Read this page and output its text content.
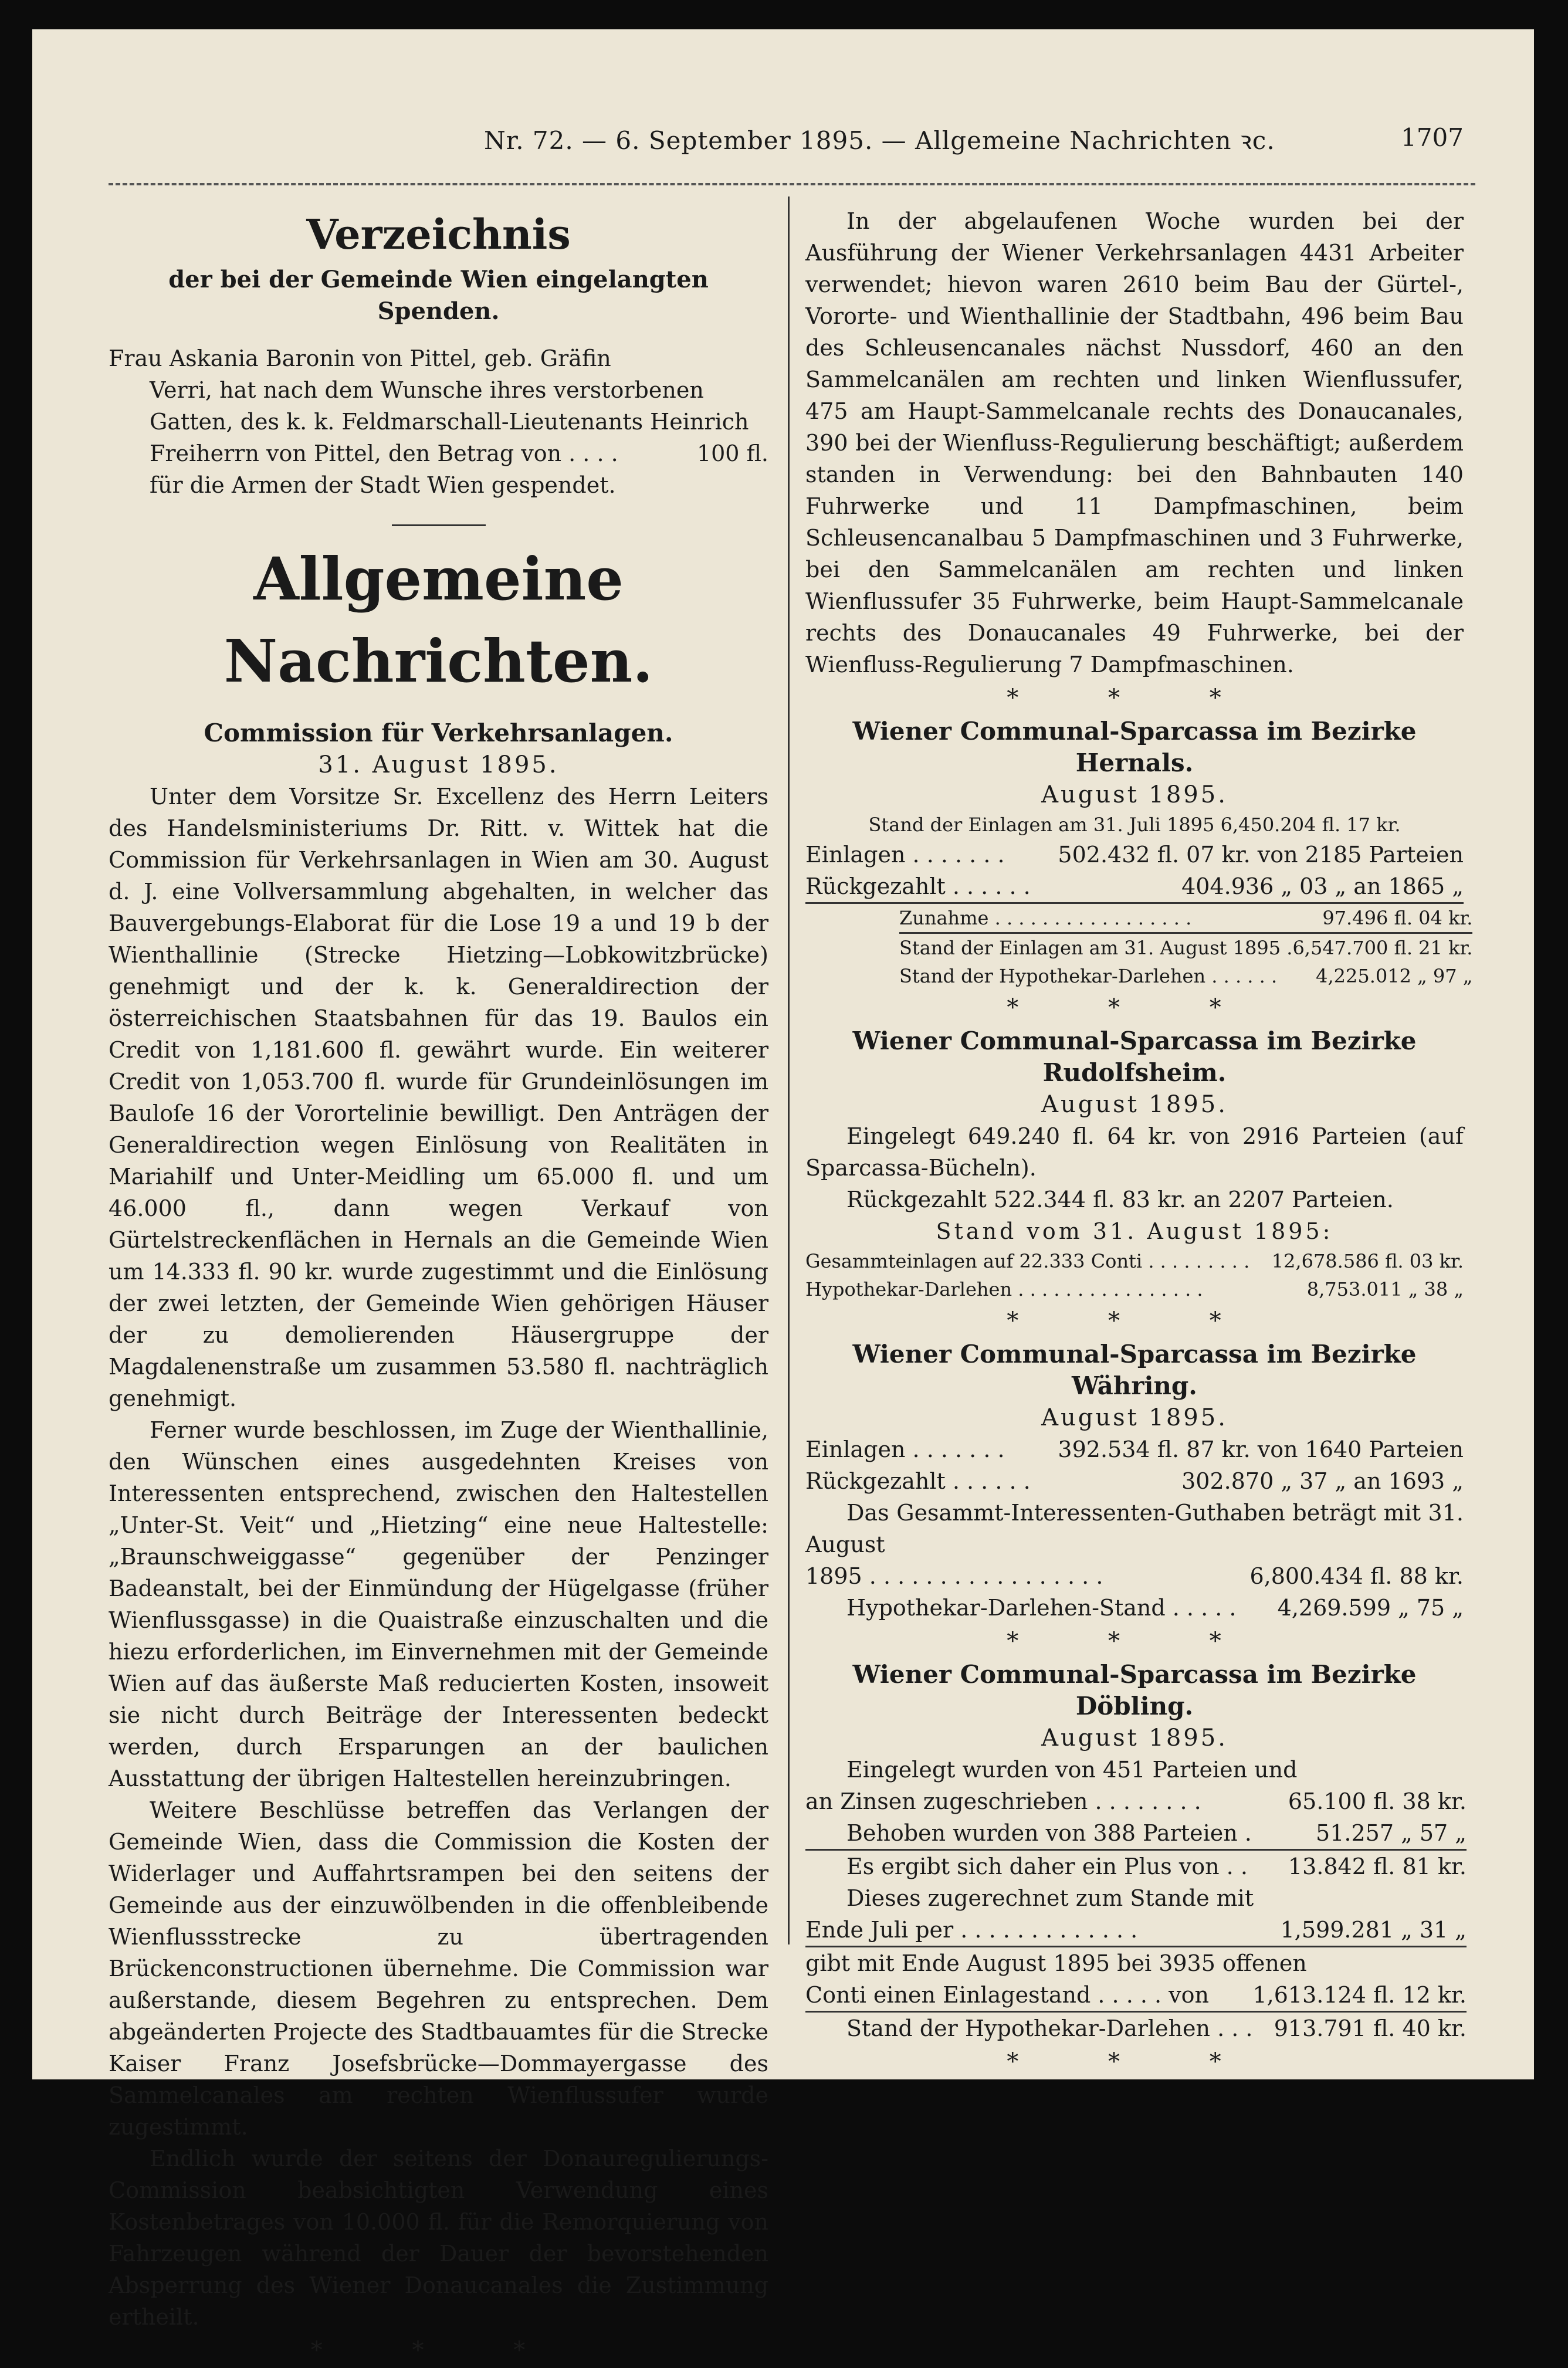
Nr. 72. — 6. September 1895. — Allgemeine Nachrichten ꝛc.	1707
Verzeichnis
der bei der Gemeinde Wien eingelangten Spenden.

Frau Askania Baronin von Pittel, geb. Gräfin

Verri, hat nach dem Wunsche ihres verstorbenen

Gatten, des k. k. Feldmarschall-Lieutenants Heinrich

Freiherrn von Pittel, den Betrag von . . . .	100 fl.

für die Armen der Stadt Wien gespendet.

Allgemeine Nachrichten.
Commission für Verkehrsanlagen.
31. August 1895.

Unter dem Vorsitze Sr. Excellenz des Herrn Leiters des Handelsministeriums Dr. Ritt. v. Wittek hat die Commission für Verkehrsanlagen in Wien am 30. August d. J. eine Vollversammlung abgehalten, in welcher das Bauvergebungs-Elaborat für die Lose 19 a und 19 b der Wienthallinie (Strecke Hietzing—Lobkowitzbrücke) genehmigt und der k. k. Generaldirection der österreichischen Staatsbahnen für das 19. Baulos ein Credit von 1,181.600 fl. gewährt wurde. Ein weiterer Credit von 1,053.700 fl. wurde für Grundeinlösungen im Bauloſe 16 der Vorortelinie bewilligt. Den Anträgen der Generaldirection wegen Einlösung von Realitäten in Mariahilf und Unter-Meidling um 65.000 fl. und um 46.000 fl., dann wegen Verkauf von Gürtelstreckenflächen in Hernals an die Gemeinde Wien um 14.333 fl. 90 kr. wurde zugestimmt und die Einlösung der zwei letzten, der Gemeinde Wien gehörigen Häuser der zu demolierenden Häusergruppe der Magdalenenstraße um zusammen 53.580 fl. nachträglich genehmigt.

Ferner wurde beschlossen, im Zuge der Wienthallinie, den Wünschen eines ausgedehnten Kreises von Interessenten entsprechend, zwischen den Haltestellen „Unter-St. Veit“ und „Hietzing“ eine neue Haltestelle: „Braunschweiggasse“ gegenüber der Penzinger Badeanstalt, bei der Einmündung der Hügelgasse (früher Wienflussgasse) in die Quaistraße einzuschalten und die hiezu erforderlichen, im Einvernehmen mit der Gemeinde Wien auf das äußerste Maß reducierten Kosten, insoweit sie nicht durch Beiträge der Interessenten bedeckt werden, durch Ersparungen an der baulichen Ausstattung der übrigen Haltestellen hereinzubringen.

Weitere Beschlüsse betreffen das Verlangen der Gemeinde Wien, dass die Commission die Kosten der Widerlager und Auffahrtsrampen bei den seitens der Gemeinde aus der einzuwölbenden in die offenbleibende Wienflussstrecke zu übertragenden Brückenconstructionen übernehme. Die Commission war außerstande, diesem Begehren zu entsprechen. Dem abgeänderten Projecte des Stadtbauamtes für die Strecke Kaiser Franz Josefsbrücke—Dommayergasse des Sammelcanales am rechten Wienflussufer wurde zugestimmt.

Endlich wurde der seitens der Donauregulierungs-Commission beabsichtigten Verwendung eines Kostenbetrages von 10.000 fl. für die Remorquierung von Fahrzeugen während der Dauer der bevorstehenden Absperrung des Wiener Donaucanales die Zustimmung ertheilt.

* * *

In der abgelaufenen Woche wurden bei der Ausführung der Wiener Verkehrsanlagen 4431 Arbeiter verwendet; hievon waren 2610 beim Bau der Gürtel-, Vororte- und Wienthallinie der Stadtbahn, 496 beim Bau des Schleusencanales nächst Nussdorf, 460 an den Sammelcanälen am rechten und linken Wienflussufer, 475 am Haupt-Sammelcanale rechts des Donaucanales, 390 bei der Wienfluss-Regulierung beschäftigt; außerdem standen in Verwendung: bei den Bahnbauten 140 Fuhrwerke und 11 Dampfmaschinen, beim Schleusencanalbau 5 Dampfmaschinen und 3 Fuhrwerke, bei den Sammelcanälen am rechten und linken Wienflussufer 35 Fuhrwerke, beim Haupt-Sammelcanale rechts des Donaucanales 49 Fuhrwerke, bei der Wienfluss-Regulierung 7 Dampfmaschinen.

* * *
Wiener Communal-Sparcassa im Bezirke Hernals.
August 1895.

Stand der Einlagen am 31. Juli 1895 6,450.204 fl. 17 kr.

Einlagen . . . . . . .	502.432 fl. 07 kr. von 2185 Parteien
Rückgezahlt . . . . . .	404.936 „ 03 „ an 1865 „
Zunahme . . . . . . . . . . . . . . . . .	97.496 fl. 04 kr.
Stand der Einlagen am 31. August 1895 .	6,547.700 fl. 21 kr.
Stand der Hypothekar-Darlehen . . . . . .	4,225.012 „ 97 „
* * *
Wiener Communal-Sparcassa im Bezirke Rudolfsheim.
August 1895.

Eingelegt 649.240 fl. 64 kr. von 2916 Parteien (auf Sparcassa-Bücheln).

Rückgezahlt 522.344 fl. 83 kr. an 2207 Parteien.

Stand vom 31. August 1895:

Gesammteinlagen auf 22.333 Conti . . . . . . . . .	12,678.586 fl. 03 kr.
Hypothekar-Darlehen . . . . . . . . . . . . . . . .	8,753.011 „ 38 „
* * *
Wiener Communal-Sparcassa im Bezirke Währing.
August 1895.
Einlagen . . . . . . .	392.534 fl. 87 kr. von 1640 Parteien
Rückgezahlt . . . . . .	302.870 „ 37 „ an 1693 „

Das Gesammt-Interessenten-Guthaben beträgt mit 31. August

1895 . . . . . . . . . . . . . . . . .	6,800.434 fl. 88 kr.
Hypothekar-Darlehen-Stand . . . . .	4,269.599 „ 75 „
* * *
Wiener Communal-Sparcassa im Bezirke Döbling.
August 1895.

Eingelegt wurden von 451 Parteien und

an Zinsen zugeschrieben . . . . . . . .	65.100 fl. 38 kr.
Behoben wurden von 388 Parteien .	51.257 „ 57 „
Es ergibt sich daher ein Plus von . .	13.842 fl. 81 kr.
Dieses zugerechnet zum Stande mit	
Ende Juli per . . . . . . . . . . . . .	1,599.281 „ 31 „
gibt mit Ende August 1895 bei 3935 offenen	
Conti einen Einlagestand . . . . . von	1,613.124 fl. 12 kr.
Stand der Hypothekar-Darlehen . . .	913.791 fl. 40 kr.
* * *
